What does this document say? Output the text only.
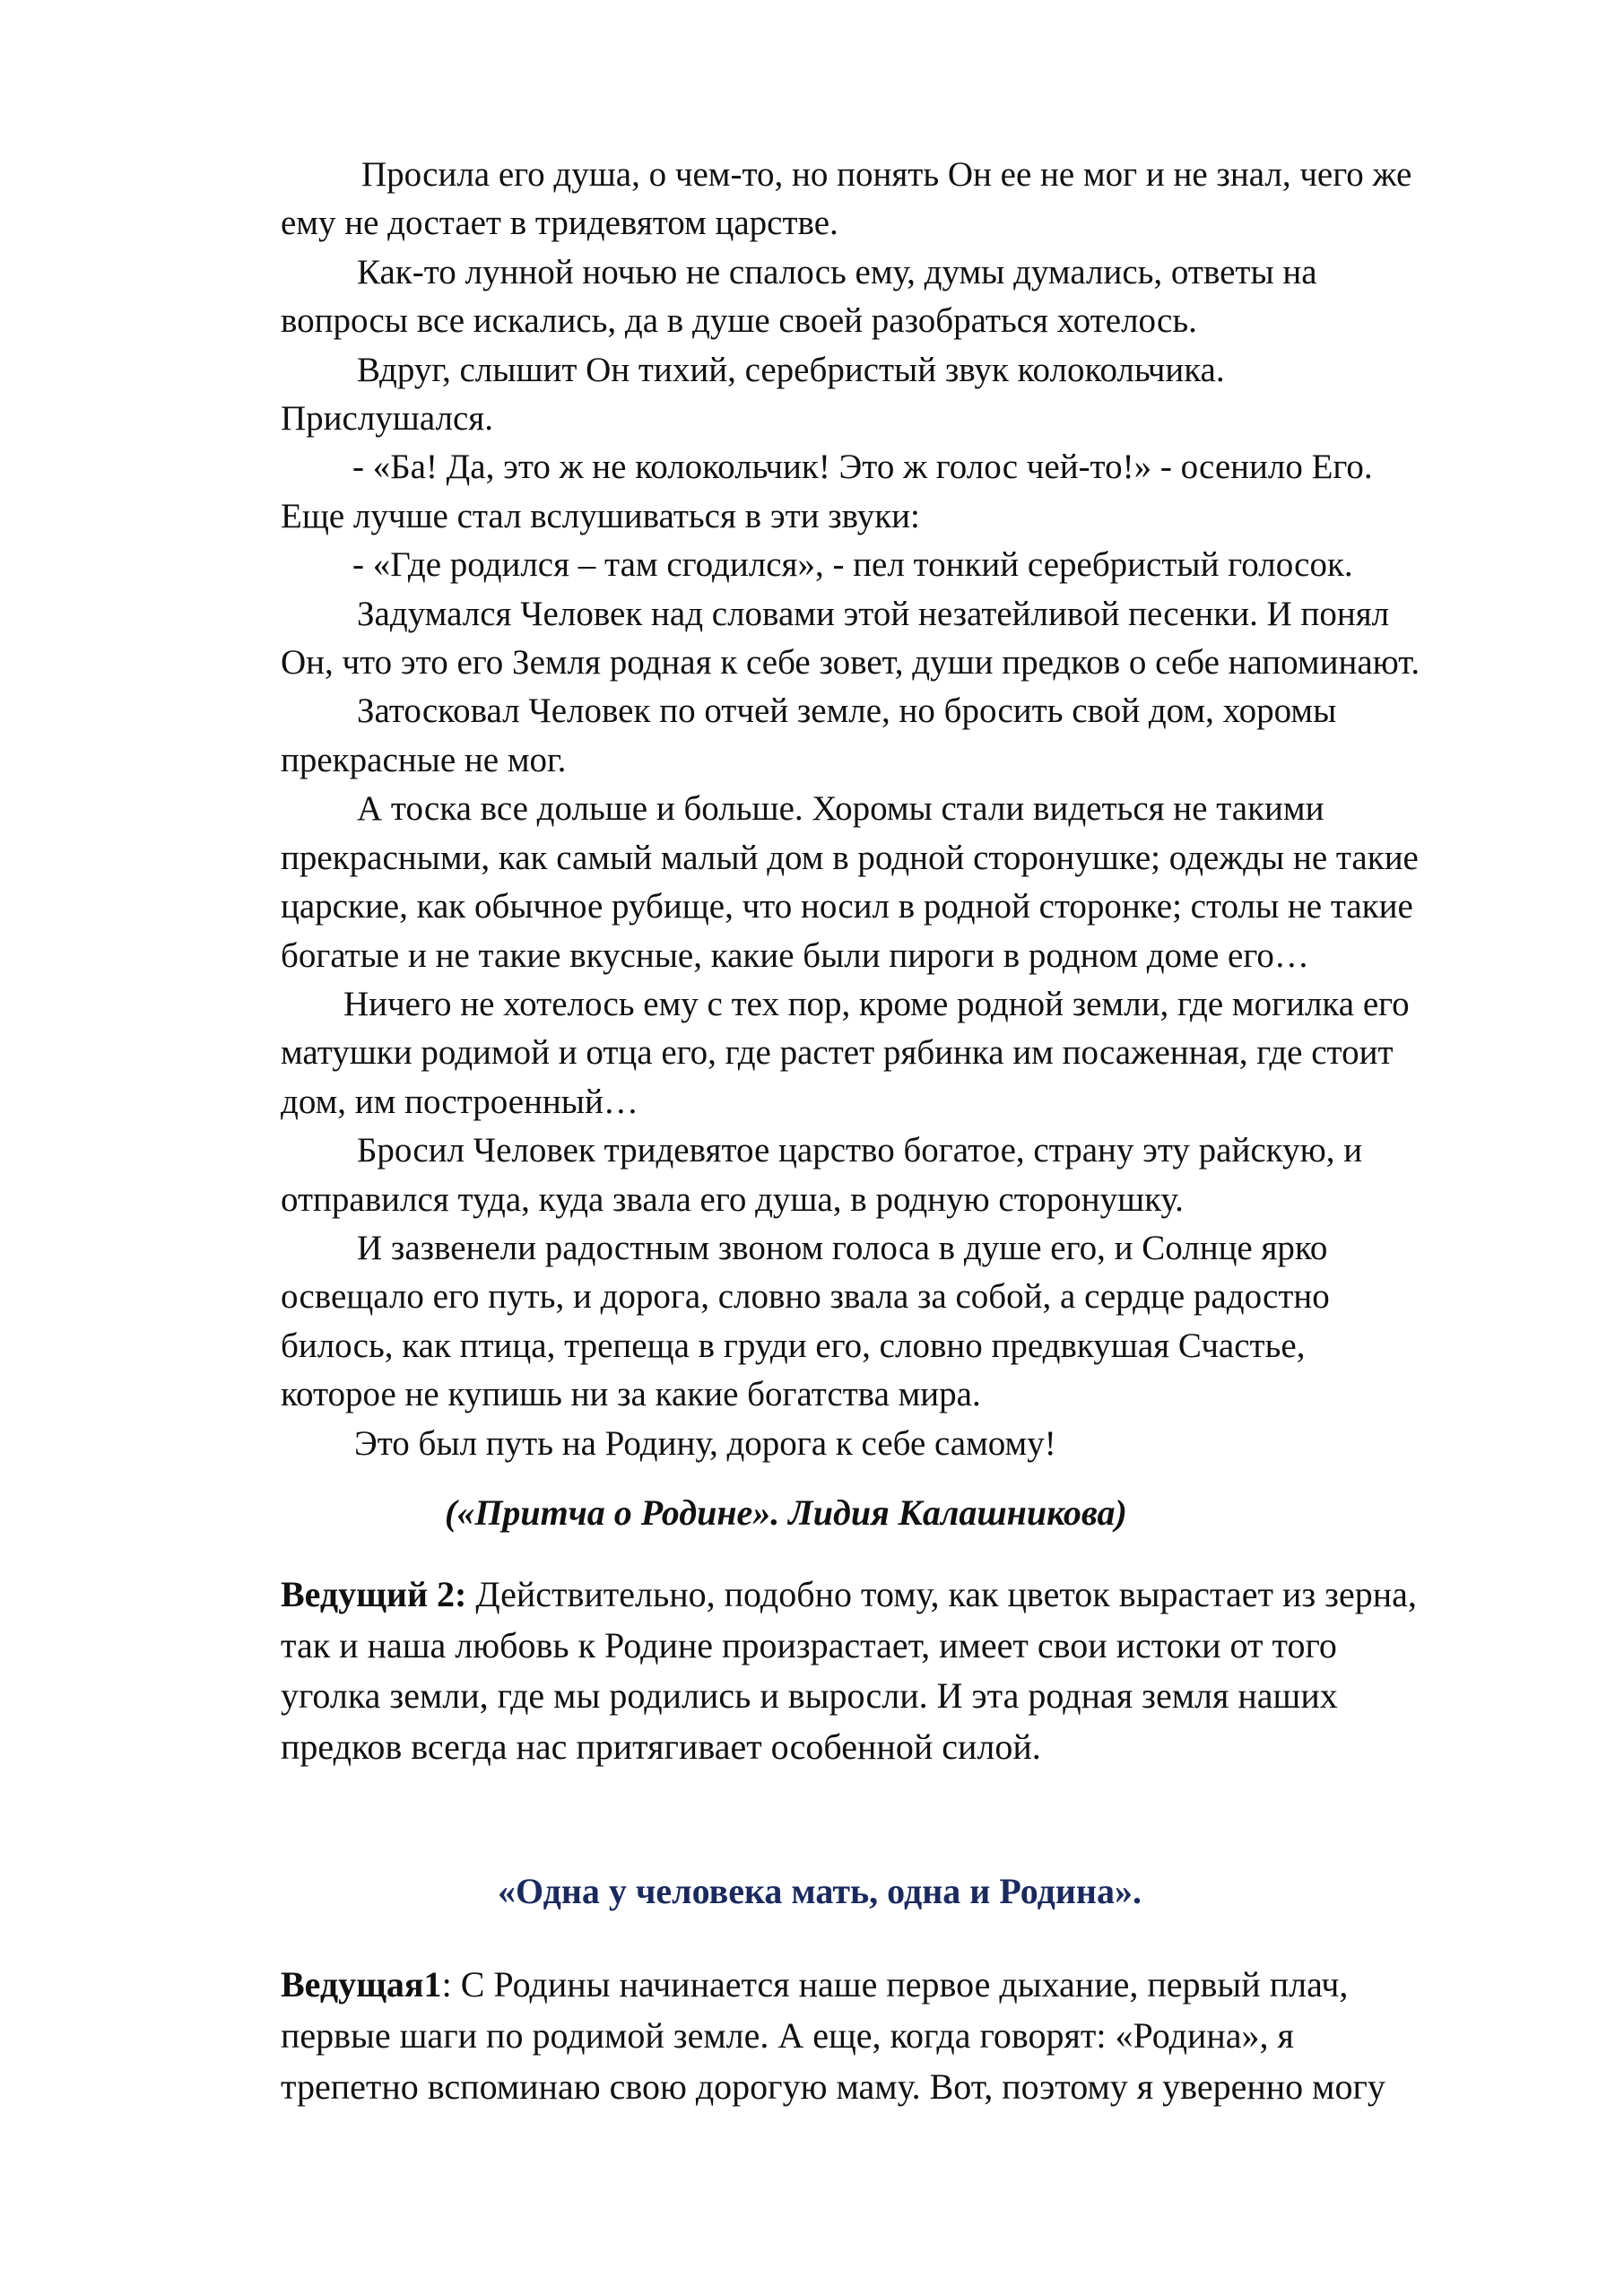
Просила его душа, о чем-то, но понять Он ее не мог и не знал, чего же

ему не достает в тридевятом царстве.

Как-то лунной ночью не спалось ему, думы думались, ответы на

вопросы все искались, да в душе своей разобраться хотелось.

Вдруг, слышит Он тихий, серебристый звук колокольчика.

Прислушался.

- «Ба! Да, это ж не колокольчик! Это ж голос чей-то!» - осенило Его.

Еще лучше стал вслушиваться в эти звуки:

- «Где родился – там сгодился», - пел тонкий серебристый голосок.

Задумался Человек над словами этой незатейливой песенки. И понял

Он, что это его Земля родная к себе зовет, души предков о себе напоминают.

Затосковал Человек по отчей земле, но бросить свой дом, хоромы

прекрасные не мог.

А тоска все дольше и больше. Хоромы стали видеться не такими

прекрасными, как самый малый дом в родной сторонушке; одежды не такие

царские, как обычное рубище, что носил в родной сторонке; столы не такие

богатые и не такие вкусные, какие были пироги в родном доме его…

Ничего не хотелось ему с тех пор, кроме родной земли, где могилка его

матушки родимой и отца его, где растет рябинка им посаженная, где стоит

дом, им построенный…

Бросил Человек тридевятое царство богатое, страну эту райскую, и

отправился туда, куда звала его душа, в родную сторонушку.

И зазвенели радостным звоном голоса в душе его, и Солнце ярко

освещало его путь, и дорога, словно звала за собой, а сердце радостно

билось, как птица, трепеща в груди его, словно предвкушая Счастье,

которое не купишь ни за какие богатства мира.

Это был путь на Родину, дорога к себе самому!

(«Притча о Родине». Лидия Калашникова)

Ведущий 2: Действительно, подобно тому, как цветок вырастает из зерна,

так и наша любовь к Родине произрастает, имеет свои истоки от того

уголка земли, где мы родились и выросли. И эта родная земля наших

предков всегда нас притягивает особенной силой.

«Одна у человека мать, одна и Родина».

Ведущая1: С Родины начинается наше первое дыхание, первый плач,

первые шаги по родимой земле. А еще, когда говорят: «Родина», я

трепетно вспоминаю свою дорогую маму. Вот, поэтому я уверенно могу
